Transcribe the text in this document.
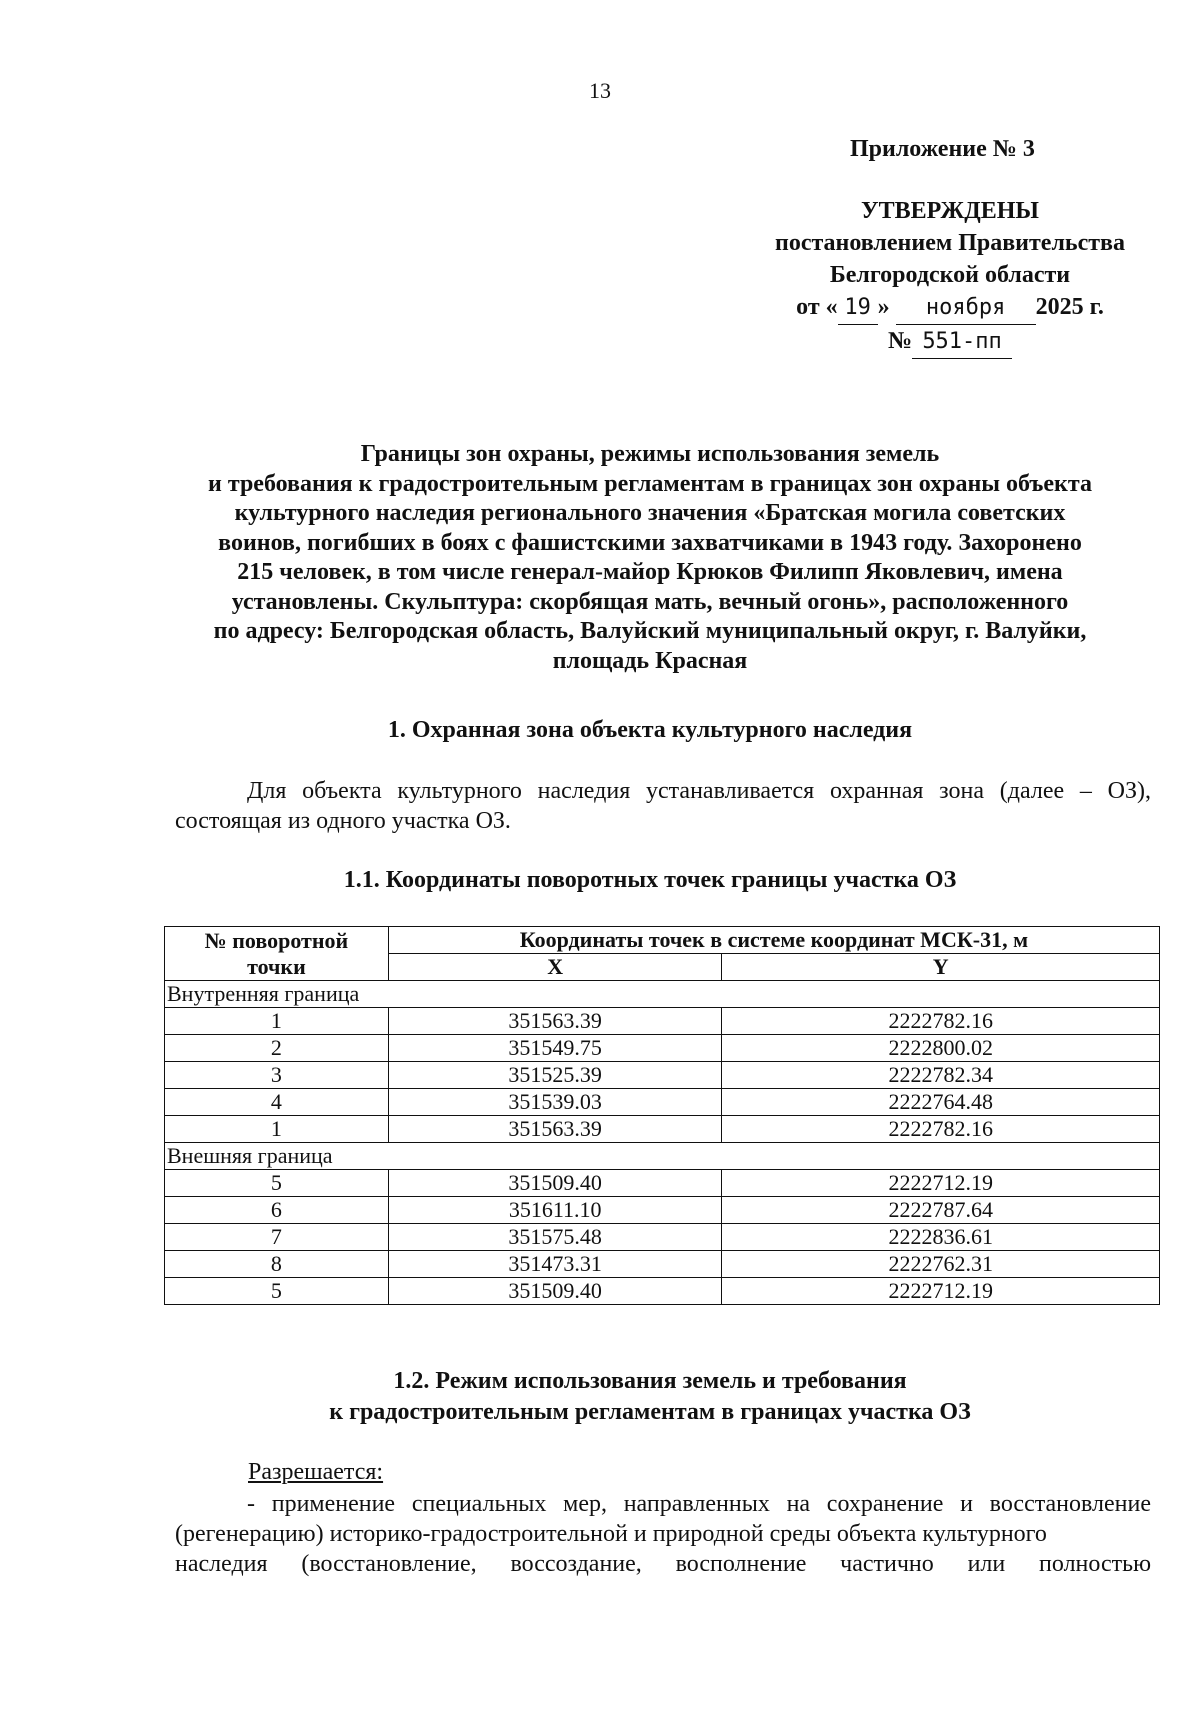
13
Приложение № 3
УТВЕРЖДЕНЫ
постановлением Правительства
Белгородской области
от « 19 » ноября 2025 г.
№ 551-пп
Границы зон охраны, режимы использования земель
и требования к градостроительным регламентам в границах зон охраны объекта
культурного наследия регионального значения «Братская могила советских
воинов, погибших в боях с фашистскими захватчиками в 1943 году. Захоронено
215 человек, в том числе генерал-майор Крюков Филипп Яковлевич, имена
установлены. Скульптура: скорбящая мать, вечный огонь», расположенного
по адресу: Белгородская область, Валуйский муниципальный округ, г. Валуйки,
площадь Красная
1. Охранная зона объекта культурного наследия
Для объекта культурного наследия устанавливается охранная зона (далее – ОЗ), состоящая из одного участка ОЗ.
1.1. Координаты поворотных точек границы участка ОЗ
№ поворотной
точки	Координаты точек в системе координат МСК-31, м	
	X	Y
Внутренняя граница		
1	351563.39	2222782.16
2	351549.75	2222800.02
3	351525.39	2222782.34
4	351539.03	2222764.48
1	351563.39	2222782.16
Внешняя граница		
5	351509.40	2222712.19
6	351611.10	2222787.64
7	351575.48	2222836.61
8	351473.31	2222762.31
5	351509.40	2222712.19
1.2. Режим использования земель и требования
к градостроительным регламентам в границах участка ОЗ
Разрешается:
- применение специальных мер, направленных на сохранение и восстановление (регенерацию) историко-градостроительной и природной среды объекта культурного
наследия (восстановление, воссоздание, восполнение частично или полностью
